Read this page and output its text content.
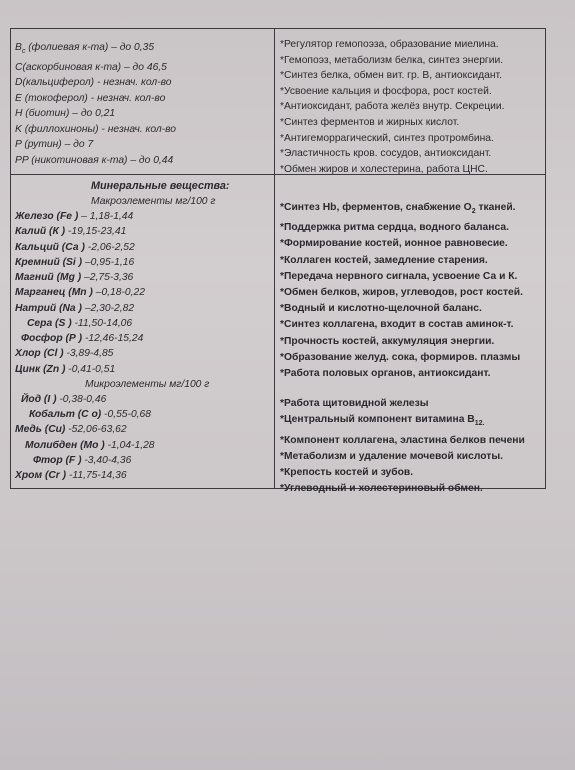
$B_c$ (фолиевая к-та) – до 0,35
C(аскорбиновая к-та) – до 46,5
D(кальциферол) - незнач. кол-во
E (токоферол) - незнач. кол-во
H (биотин) – до 0,21
K (филлохиноны) - незнач. кол-во
P (рутин) – до 7
PP (никотиновая к-та) – до 0,44
*Регулятор гемопоэза, образование миелина.
*Гемопоэз, метаболизм белка, синтез энергии.
*Синтез белка, обмен вит. гр. В, антиоксидант.
*Усвоение кальция и фосфора, рост костей.
*Антиоксидант, работа желёз внутр. Секреции.
*Синтез ферментов и жирных кислот.
*Антигеморрагический, синтез протромбина.
*Эластичность кров. сосудов, антиоксидант.
*Обмен жиров и холестерина, работа ЦНС.
Минеральные вещества:
Макроэлементы мг/100 г
Железо (Fe ) – 1,18-1,44
Калий (К ) -19,15-23,41
Кальций (Са ) -2,06-2,52
Кремний (Si ) –0,95-1,16
Магний (Mg ) –2,75-3,36
Марганец (Mn ) –0,18-0,22
Натрий (Na ) –2,30-2,82
Сера (S ) -11,50-14,06
Фосфор (Р ) -12,46-15,24
Хлор (Cl ) -3,89-4,85
Цинк (Zn ) -0,41-0,51
Микроэлементы мг/100 г
Йод (I ) -0,38-0,46
Кобальт (С о) -0,55-0,68
Медь (Cu) -52,06-63,62
Молибден (Mo ) -1,04-1,28
Фтор (F ) -3,40-4,36
Хром (Cr ) -11,75-14,36
*Синтез Hb, ферментов, снабжение $O_2$ тканей.
*Поддержка ритма сердца, водного баланса.
*Формирование костей, ионное равновесие.
*Коллаген костей, замедление старения.
*Передача нервного сигнала, усвоение Са и К.
*Обмен белков, жиров, углеводов, рост костей.
*Водный и кислотно-щелочной баланс.
*Синтез коллагена, входит в состав аминок-т.
*Прочность костей, аккумуляция энергии.
*Образование желуд. сока, формиров. плазмы
*Работа половых органов, антиоксидант.
*Работа щитовидной железы
*Центральный компонент витамина $B_{12.}$
*Компонент коллагена, эластина белков печени
*Метаболизм и удаление мочевой кислоты.
*Крепость костей и зубов.
*Углеводный и холестериновый обмен.
